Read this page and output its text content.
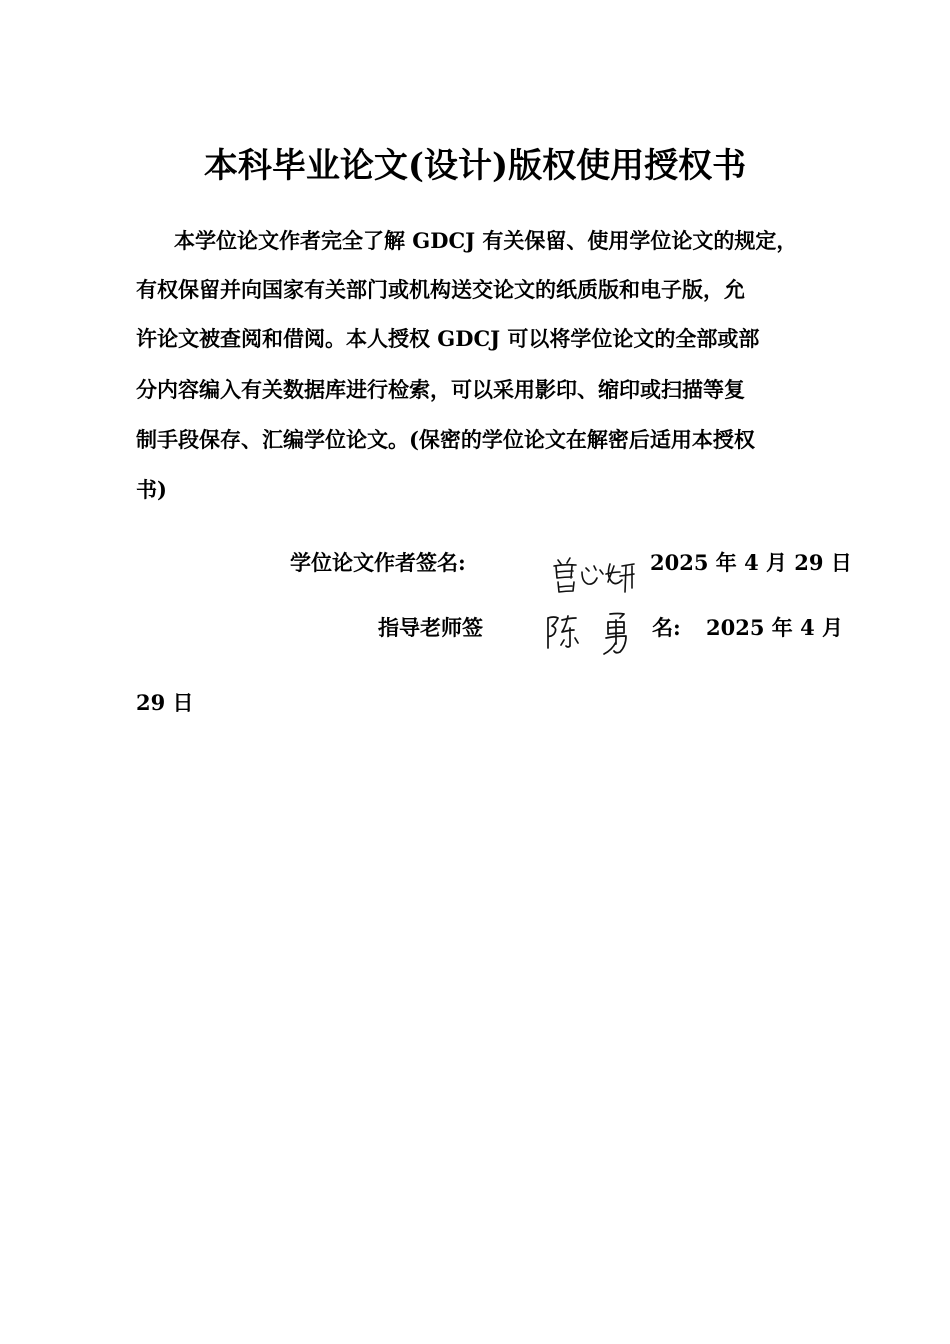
本科毕业论文(设计)版权使用授权书
本学位论文作者完全了解 GDCJ 有关保留、使用学位论文的规定，
有权保留并向国家有关部门或机构送交论文的纸质版和电子版，允
许论文被查阅和借阅。本人授权 GDCJ 可以将学位论文的全部或部
分内容编入有关数据库进行检索，可以采用影印、缩印或扫描等复
制手段保存、汇编学位论文。(保密的学位论文在解密后适用本授权
书)
学位论文作者签名:	2025 年 4 月 29 日
指导老师签	名: 2025 年 4 月
29 日
